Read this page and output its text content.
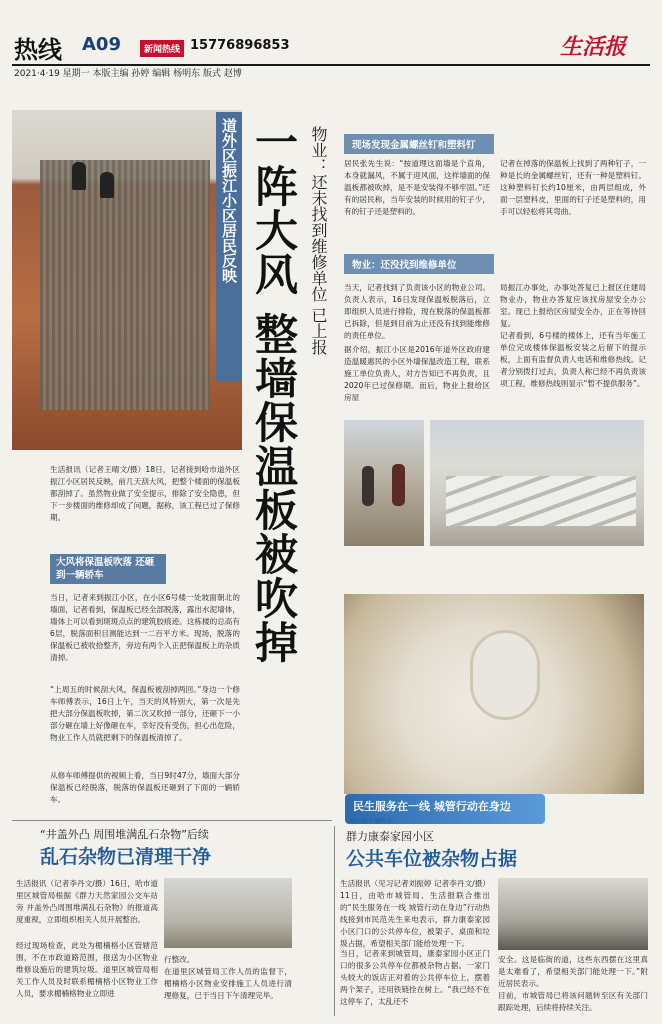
热线 A09	新闻热线 15776896853	生活报
2021·4·19 星期一 本版主编 孙婷 编辑 杨明东 版式 赵博
道外区振江小区居民反映 一阵大风 整墙保温板被吹掉 物业：还未找到维修单位 已上报
生活报讯（记者王晴文/摄）18日，记者接到哈市道外区振江小区居民反映，前几天刮大风，把整个楼面的保温板都刮掉了。虽然物业做了安全提示，排除了安全隐患，但下一步楼面的维修却成了问题，据称，该工程已过了保修期。
大风将保温板吹落 还砸到一辆轿车
当日，记者来到振江小区，在小区6号楼一处坡面朝北的墙面，记者看到，保温板已经全部脱落，露出水泥墙体，墙体上可以看到斑斑点点的建筑胶痕迹。这栋楼的总高有6层，脱落面积目测能达到一二百平方米。现场，脱落的保温板已被收拾整齐，旁边有两个人正把保温板上的杂质清掉。
“上周五的时候刮大风，保温板被刮掉两回。”身边一个修车师傅表示，16日上午，当天的风特别大，第一次是先把大部分保温板吹掉，第二次又吹掉一部分，还砸下一小部分砸在墙上好像砸在车，幸好没有受伤，担心出危险，物业工作人员就把剩下的保温板清掉了。
从修车师傅提供的视频上看，当日9时47分，墙面大部分保温板已经脱落，脱落的保温板还砸到了下面的一辆轿车。
现场发现金属螺丝钉和塑料钉
居民张先生说：“按道理这面墙是个直角，本身就漏风，不属于迎风面，这样墙面的保温板都被吹掉，是不是安装得不够牢固。”还有的居民称，当年安装的时候用的钉子少，有的钉子还是塑料的。
记者在掉落的保温板上找到了两种钉子，一种是长的金属螺丝钉，还有一种是塑料钉。这种塑料钉长约10厘米，由两层组成，外面一层塑料皮，里面的钉子还是塑料的，用手可以轻松将其弯曲。
物业：还没找到维修单位
当天，记者找到了负责该小区的物业公司。负责人表示，16日发现保温板脱落后，立即组织人员进行排险，现在脱落的保温板都已拆除，但是到目前为止还没有找到能维修的责任单位。
据介绍，振江小区是2016年道外区政府建造温暖惠民的小区外墙保温改造工程，联系施工单位负责人，对方告知已不再负责，且2020年已过保修期。而后，物业上报给区房屋
局振江办事处，办事处答复已上报区住建局物业办，物业办答复应该找房屋安全办公室。现已上报给区房屋安全办，正在等待回复。
记者看到，6号楼的楼体上，还有当年施工单位完成楼体保温板安装之后留下的提示板，上面有监督负责人电话和维修热线。记者分别拨打过去，负责人称已经不再负责该项工程，维修热线则显示“暂不提供服务”。
“井盖外凸 周围堆满乱石杂物”后续
乱石杂物已清理干净
生活报讯（记者李丹文/摄）16日，哈市道里区城管局根据《群力天然家园公交车站旁 井盖外凸周围堆满乱石杂物》的报道高度重视，立即组织相关人员开展整治。
经过现场检查，此处为楣楠格小区管辖范围，不在市政道路范围，报送为小区物业维修设施后的建筑垃圾。道里区城管局相关工作人员及时联系楣楠格小区物业工作人员，要求楣楠格物业立即进
行整改。
在道里区城管局工作人员的监督下，楣楠格小区物业安排施工人员进行清理修复，已于当日下午清理完毕。
民生服务在一线 城管行动在身边
哈尔滨市城管局
群力康泰家园小区
公共车位被杂物占据
生活报讯（见习记者刘振婷 记者李丹文/摄）11日，由哈市城管局、生活报联合推出的“民生服务在一线 城管行动在身边”行动热线接到市民范先生来电表示，群力康泰家园小区门口的公共停车位，被架子、桌面和垃圾占据，希望相关部门能给处理一下。
当日，记者来到城管局，康泰家园小区正门口的很多公共停车位都被杂物占据。一家门头较大的饭店正对着的公共停车位上，摆着两个架子，还用铁链拴在树上。“我已经不在这停车了，太乱还不
安全。这是临街的道，这些东西摆在这里真是太难看了，希望相关部门能处理一下。”附近居民表示。
目前，市城管局已将该问题转至区有关部门跟踪处理，后续将持续关注。
